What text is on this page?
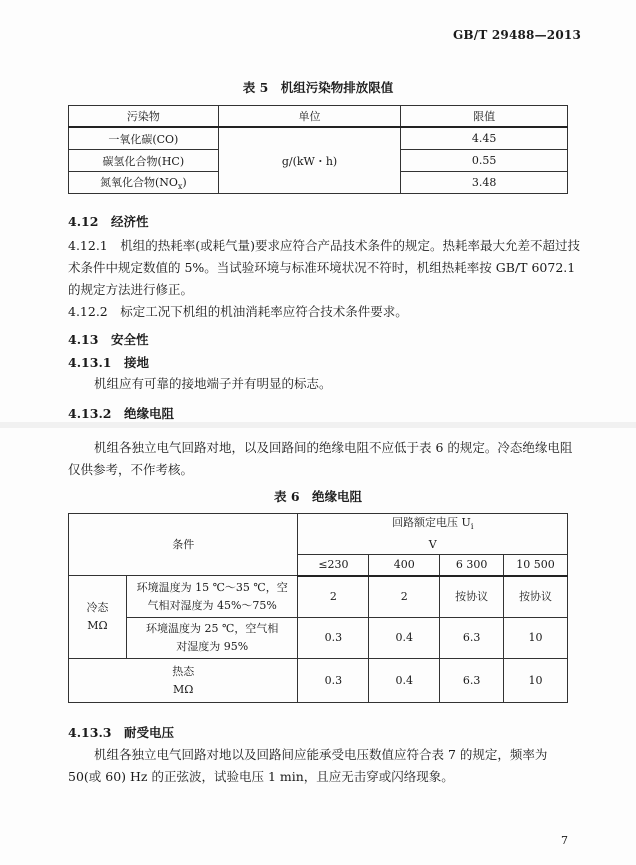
GB/T 29488—2013
表 5　机组污染物排放限值
污染物	单位	限值
一氧化碳(CO)	g/(kW・h)	4.45
碳氢化合物(HC)		0.55
氮氧化合物$(NO_x)$		3.48
4.12　经济性
4.12.1　机组的热耗率(或耗气量)要求应符合产品技术条件的规定。热耗率最大允差不超过技术条件中规定数值的 5%。当试验环境与标准环境状况不符时，机组热耗率按 GB/T 6072.1 的规定方法进行修正。
4.12.2　标定工况下机组的机油消耗率应符合技术条件要求。
4.13　安全性
4.13.1　接地
机组应有可靠的接地端子并有明显的标志。
4.13.2　绝缘电阻
机组各独立电气回路对地，以及回路间的绝缘电阻不应低于表 6 的规定。冷态绝缘电阻仅供参考，不作考核。
表 6　绝缘电阻
条件		回路额定电压 $U_i$
V			
		≤230	400	6 300	10 500
冷态
MΩ	环境温度为 15 ℃～35 ℃，空气相对湿度为 45%～75%	2	2	按协议	按协议
	环境温度为 25 ℃，空气相对湿度为 95%	0.3	0.4	6.3	10
热态
MΩ		0.3	0.4	6.3	10
4.13.3　耐受电压
机组各独立电气回路对地以及回路间应能承受电压数值应符合表 7 的规定，频率为 50(或 60) Hz 的正弦波，试验电压 1 min，且应无击穿或闪络现象。
7
